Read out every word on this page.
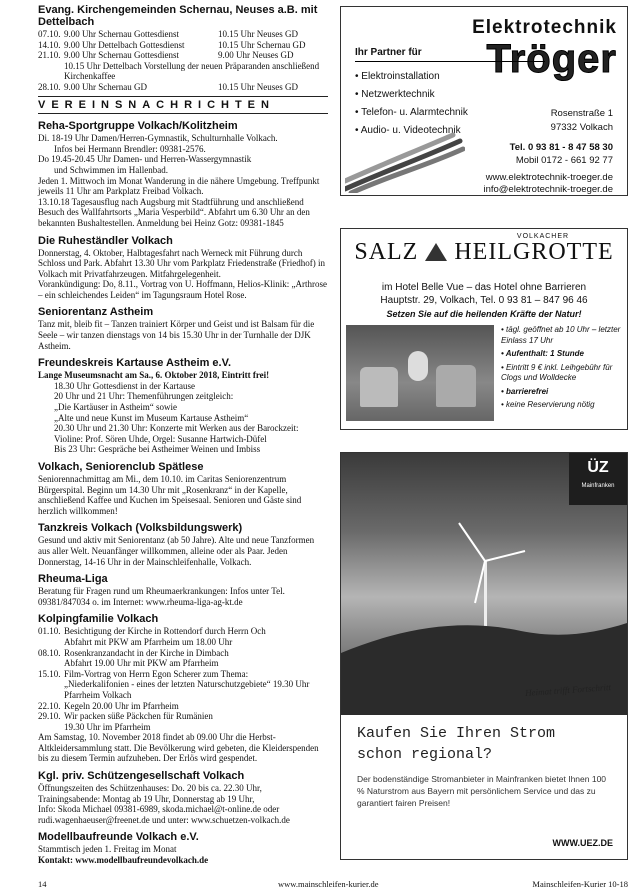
Evang. Kirchengemeinden Schernau, Neuses a.B. mit Dettelbach
07.10. 9.00 Uhr Schernau Gottesdienst	10.15 Uhr Neuses GD
14.10. 9.00 Uhr Dettelbach Gottesdienst	10.15 Uhr Schernau GD
21.10. 9.00 Uhr Schernau Gottesdienst	9.00 Uhr Neuses GD
10.15 Uhr Dettelbach Vorstellung der neuen Präparanden anschließend Kirchenkaffee
28.10. 9.00 Uhr Schernau GD	10.15 Uhr Neuses GD
VEREINSNACHRICHTEN
Reha-Sportgruppe Volkach/Kolitzheim

Di. 18-19 Uhr Damen/Herren-Gymnastik, Schulturnhalle Volkach.

Infos bei Hermann Brendler: 09381-2576.

Do 19.45-20.45 Uhr Damen- und Herren-Wassergymnastik

und Schwimmen im Hallenbad.

Jeden 1. Mittwoch im Monat Wanderung in die nähere Umgebung. Treffpunkt jeweils 11 Uhr am Parkplatz Freibad Volkach.

13.10.18 Tagesausflug nach Augsburg mit Stadtführung und anschließend Besuch des Wallfahrtsorts „Maria Vesperbild“. Abfahrt um 6.30 Uhr an den bekannten Bushaltestellen. Anmeldung bei Heinz Gotz: 09381-1845

Die Ruheständler Volkach

Donnerstag, 4. Oktober, Halbtagesfahrt nach Werneck mit Führung durch Schloss und Park. Abfahrt 13.30 Uhr vom Parkplatz Friedenstraße (Friedhof) in Volkach mit Privatfahrzeugen. Mitfahrgelegenheit.

Vorankündigung: Do, 8.11., Vortrag von U. Hoffmann, Helios-Klinik: „Arthrose – ein schleichendes Leiden“ im Tagungsraum Hotel Rose.

Seniorentanz Astheim

Tanz mit, bleib fit – Tanzen trainiert Körper und Geist und ist Balsam für die Seele – wir tanzen dienstags von 14 bis 15.30 Uhr in der Turnhalle der DJK Astheim.

Freundeskreis Kartause Astheim e.V.

Lange Museumsnacht am Sa., 6. Oktober 2018, Eintritt frei!

18.30 Uhr Gottesdienst in der Kartause

20 Uhr und 21 Uhr: Themenführungen zeitgleich:

„Die Kartäuser in Astheim“ sowie

„Alte und neue Kunst im Museum Kartause Astheim“

20.30 Uhr und 21.30 Uhr: Konzerte mit Werken aus der Barockzeit:

Violine: Prof. Sören Uhde, Orgel: Susanne Hartwich-Düfel

Bis 23 Uhr: Gespräche bei Astheimer Weinen und Imbiss

Volkach, Seniorenclub Spätlese

Seniorennachmittag am Mi., dem 10.10. im Caritas Seniorenzentrum Bürgerspital. Beginn um 14.30 Uhr mit „Rosenkranz“ in der Kapelle, anschließend Kaffee und Kuchen im Speisesaal. Senioren und Gäste sind herzlich willkommen!

Tanzkreis Volkach (Volksbildungswerk)

Gesund und aktiv mit Seniorentanz (ab 50 Jahre). Alte und neue Tanzformen aus aller Welt. Neuanfänger willkommen, alleine oder als Paar. Jeden Donnerstag, 14-16 Uhr in der Mainschleifenhalle, Volkach.

Rheuma-Liga

Beratung für Fragen rund um Rheumaerkrankungen: Infos unter Tel. 09381/847034 o. im Internet: www.rheuma-liga-ag-kt.de

Kolpingfamilie Volkach
01.10. Besichtigung der Kirche in Rottendorf durch Herrn Och
Abfahrt mit PKW am Pfarrheim um 18.00 Uhr
08.10. Rosenkranzandacht in der Kirche in Dimbach
Abfahrt 19.00 Uhr mit PKW am Pfarrheim
15.10. Film-Vortrag von Herrn Egon Scherer zum Thema:
„Niederkalifonien - eines der letzten Naturschutzgebiete“ 19.30 Uhr Pfarrheim Volkach
22.10. Kegeln 20.00 Uhr im Pfarrheim
29.10. Wir packen süße Päckchen für Rumänien
19.30 Uhr im Pfarrheim

Am Samstag, 10. November 2018 findet ab 09.00 Uhr die Herbst-Altkleidersammlung statt. Die Bevölkerung wird gebeten, die Kleiderspenden bis zu diesem Termin aufzuheben. Der Erlös wird gespendet.

Kgl. priv. Schützengesellschaft Volkach

Öffnungszeiten des Schützenhauses: Do. 20 bis ca. 22.30 Uhr,

Trainingsabende: Montag ab 19 Uhr, Donnerstag ab 19 Uhr,

Info: Skoda Michael 09381-6989, skoda.michael@t-online.de oder

rudi.wagenhaeuser@freenet.de und unter: www.schuetzen-volkach.de

Modellbaufreunde Volkach e.V.

Stammtisch jeden 1. Freitag im Monat

Kontakt: www.modellbaufreundevolkach.de

Elektrotechnik
Tröger
Ihr Partner für
• Elektroinstallation
• Netzwerktechnik
• Telefon- u. Alarmtechnik
• Audio- u. Videotechnik
Rosenstraße 1
97332 Volkach
Tel. 0 93 81 - 8 47 58 30
Mobil 0172 - 661 92 77
www.elektrotechnik-troeger.de
info@elektrotechnik-troeger.de
VOLKACHER
SALZ HEILGROTTE
im Hotel Belle Vue – das Hotel ohne Barrieren
Hauptstr. 29, Volkach, Tel. 0 93 81 – 847 96 46
Setzen Sie auf die heilenden Kräfte der Natur!
• tägl. geöffnet ab 10 Uhr – letzter Einlass 17 Uhr
• Aufenthalt: 1 Stunde
• Eintritt 9 € inkl. Leihgebühr für Clogs und Wolldecke
• barrierefrei
• keine Reservierung nötig
ÜZ
Mainfranken
Heimat trifft Fortschritt
Kaufen Sie Ihren Strom
schon regional?
Der bodenständige Stromanbieter in Mainfranken bietet Ihnen 100 % Naturstrom aus Bayern mit persönlichem Service und das zu garantiert fairen Preisen!
WWW.UEZ.DE
14	www.mainschleifen-kurier.de	Mainschleifen-Kurier 10-18
